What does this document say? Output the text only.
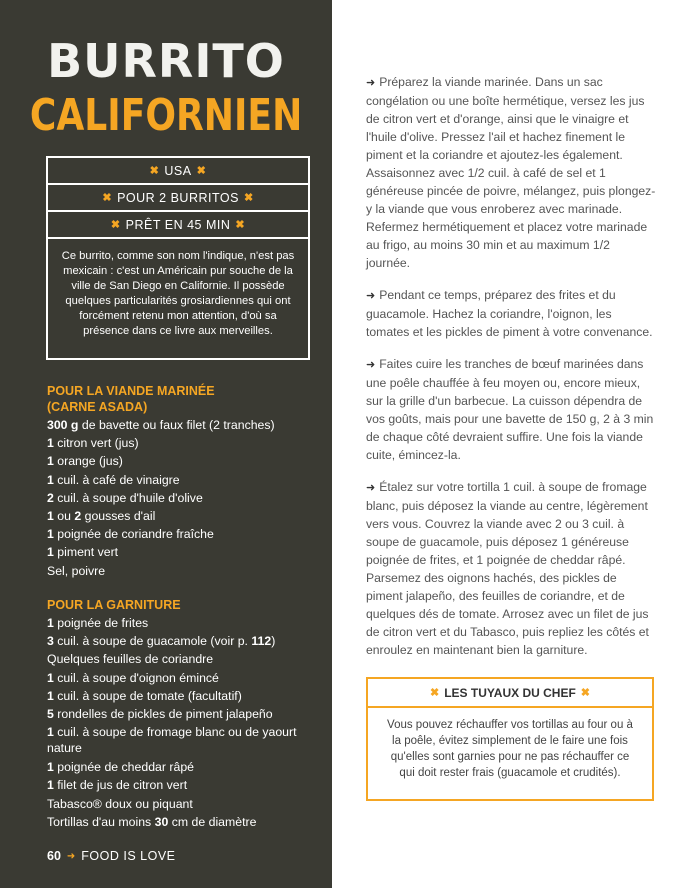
BURRITO
CALIFORNIEN
✖ USA ✖
✖ POUR 2 BURRITOS ✖
✖ PRÊT EN 45 MIN ✖
Ce burrito, comme son nom l'indique, n'est pas mexicain : c'est un Américain pur souche de la ville de San Diego en Californie. Il possède quelques particularités grosiardiennes qui ont forcément retenu mon attention, d'où sa présence dans ce livre aux merveilles.
POUR LA VIANDE MARINÉE (CARNE ASADA)
300 g de bavette ou faux filet (2 tranches)
1 citron vert (jus)
1 orange (jus)
1 cuil. à café de vinaigre
2 cuil. à soupe d'huile d'olive
1 ou 2 gousses d'ail
1 poignée de coriandre fraîche
1 piment vert
Sel, poivre
POUR LA GARNITURE
1 poignée de frites
3 cuil. à soupe de guacamole (voir p. 112)
Quelques feuilles de coriandre
1 cuil. à soupe d'oignon émincé
1 cuil. à soupe de tomate (facultatif)
5 rondelles de pickles de piment jalapeño
1 cuil. à soupe de fromage blanc ou de yaourt nature
1 poignée de cheddar râpé
1 filet de jus de citron vert
Tabasco® doux ou piquant
Tortillas d'au moins 30 cm de diamètre
60 ➜ FOOD IS LOVE
➜ Préparez la viande marinée. Dans un sac congélation ou une boîte hermétique, versez les jus de citron vert et d'orange, ainsi que le vinaigre et l'huile d'olive. Pressez l'ail et hachez finement le piment et la coriandre et ajoutez-les également. Assaisonnez avec 1/2 cuil. à café de sel et 1 généreuse pincée de poivre, mélangez, puis plongez-y la viande que vous enroberez avec marinade. Refermez hermétiquement et placez votre marinade au frigo, au moins 30 min et au maximum 1/2 journée.
➜ Pendant ce temps, préparez des frites et du guacamole. Hachez la coriandre, l'oignon, les tomates et les pickles de piment à votre convenance.
➜ Faites cuire les tranches de bœuf marinées dans une poêle chauffée à feu moyen ou, encore mieux, sur la grille d'un barbecue. La cuisson dépendra de vos goûts, mais pour une bavette de 150 g, 2 à 3 min de chaque côté devraient suffire. Une fois la viande cuite, émincez-la.
➜ Étalez sur votre tortilla 1 cuil. à soupe de fromage blanc, puis déposez la viande au centre, légèrement vers vous. Couvrez la viande avec 2 ou 3 cuil. à soupe de guacamole, puis déposez 1 généreuse poignée de frites, et 1 poignée de cheddar râpé. Parsemez des oignons hachés, des pickles de piment jalapeño, des feuilles de coriandre, et de quelques dés de tomate. Arrosez avec un filet de jus de citron vert et du Tabasco, puis repliez les côtés et enroulez en maintenant bien la garniture.
✖ LES TUYAUX DU CHEF ✖
Vous pouvez réchauffer vos tortillas au four ou à la poêle, évitez simplement de le faire une fois qu'elles sont garnies pour ne pas réchauffer ce qui doit rester frais (guacamole et crudités).
